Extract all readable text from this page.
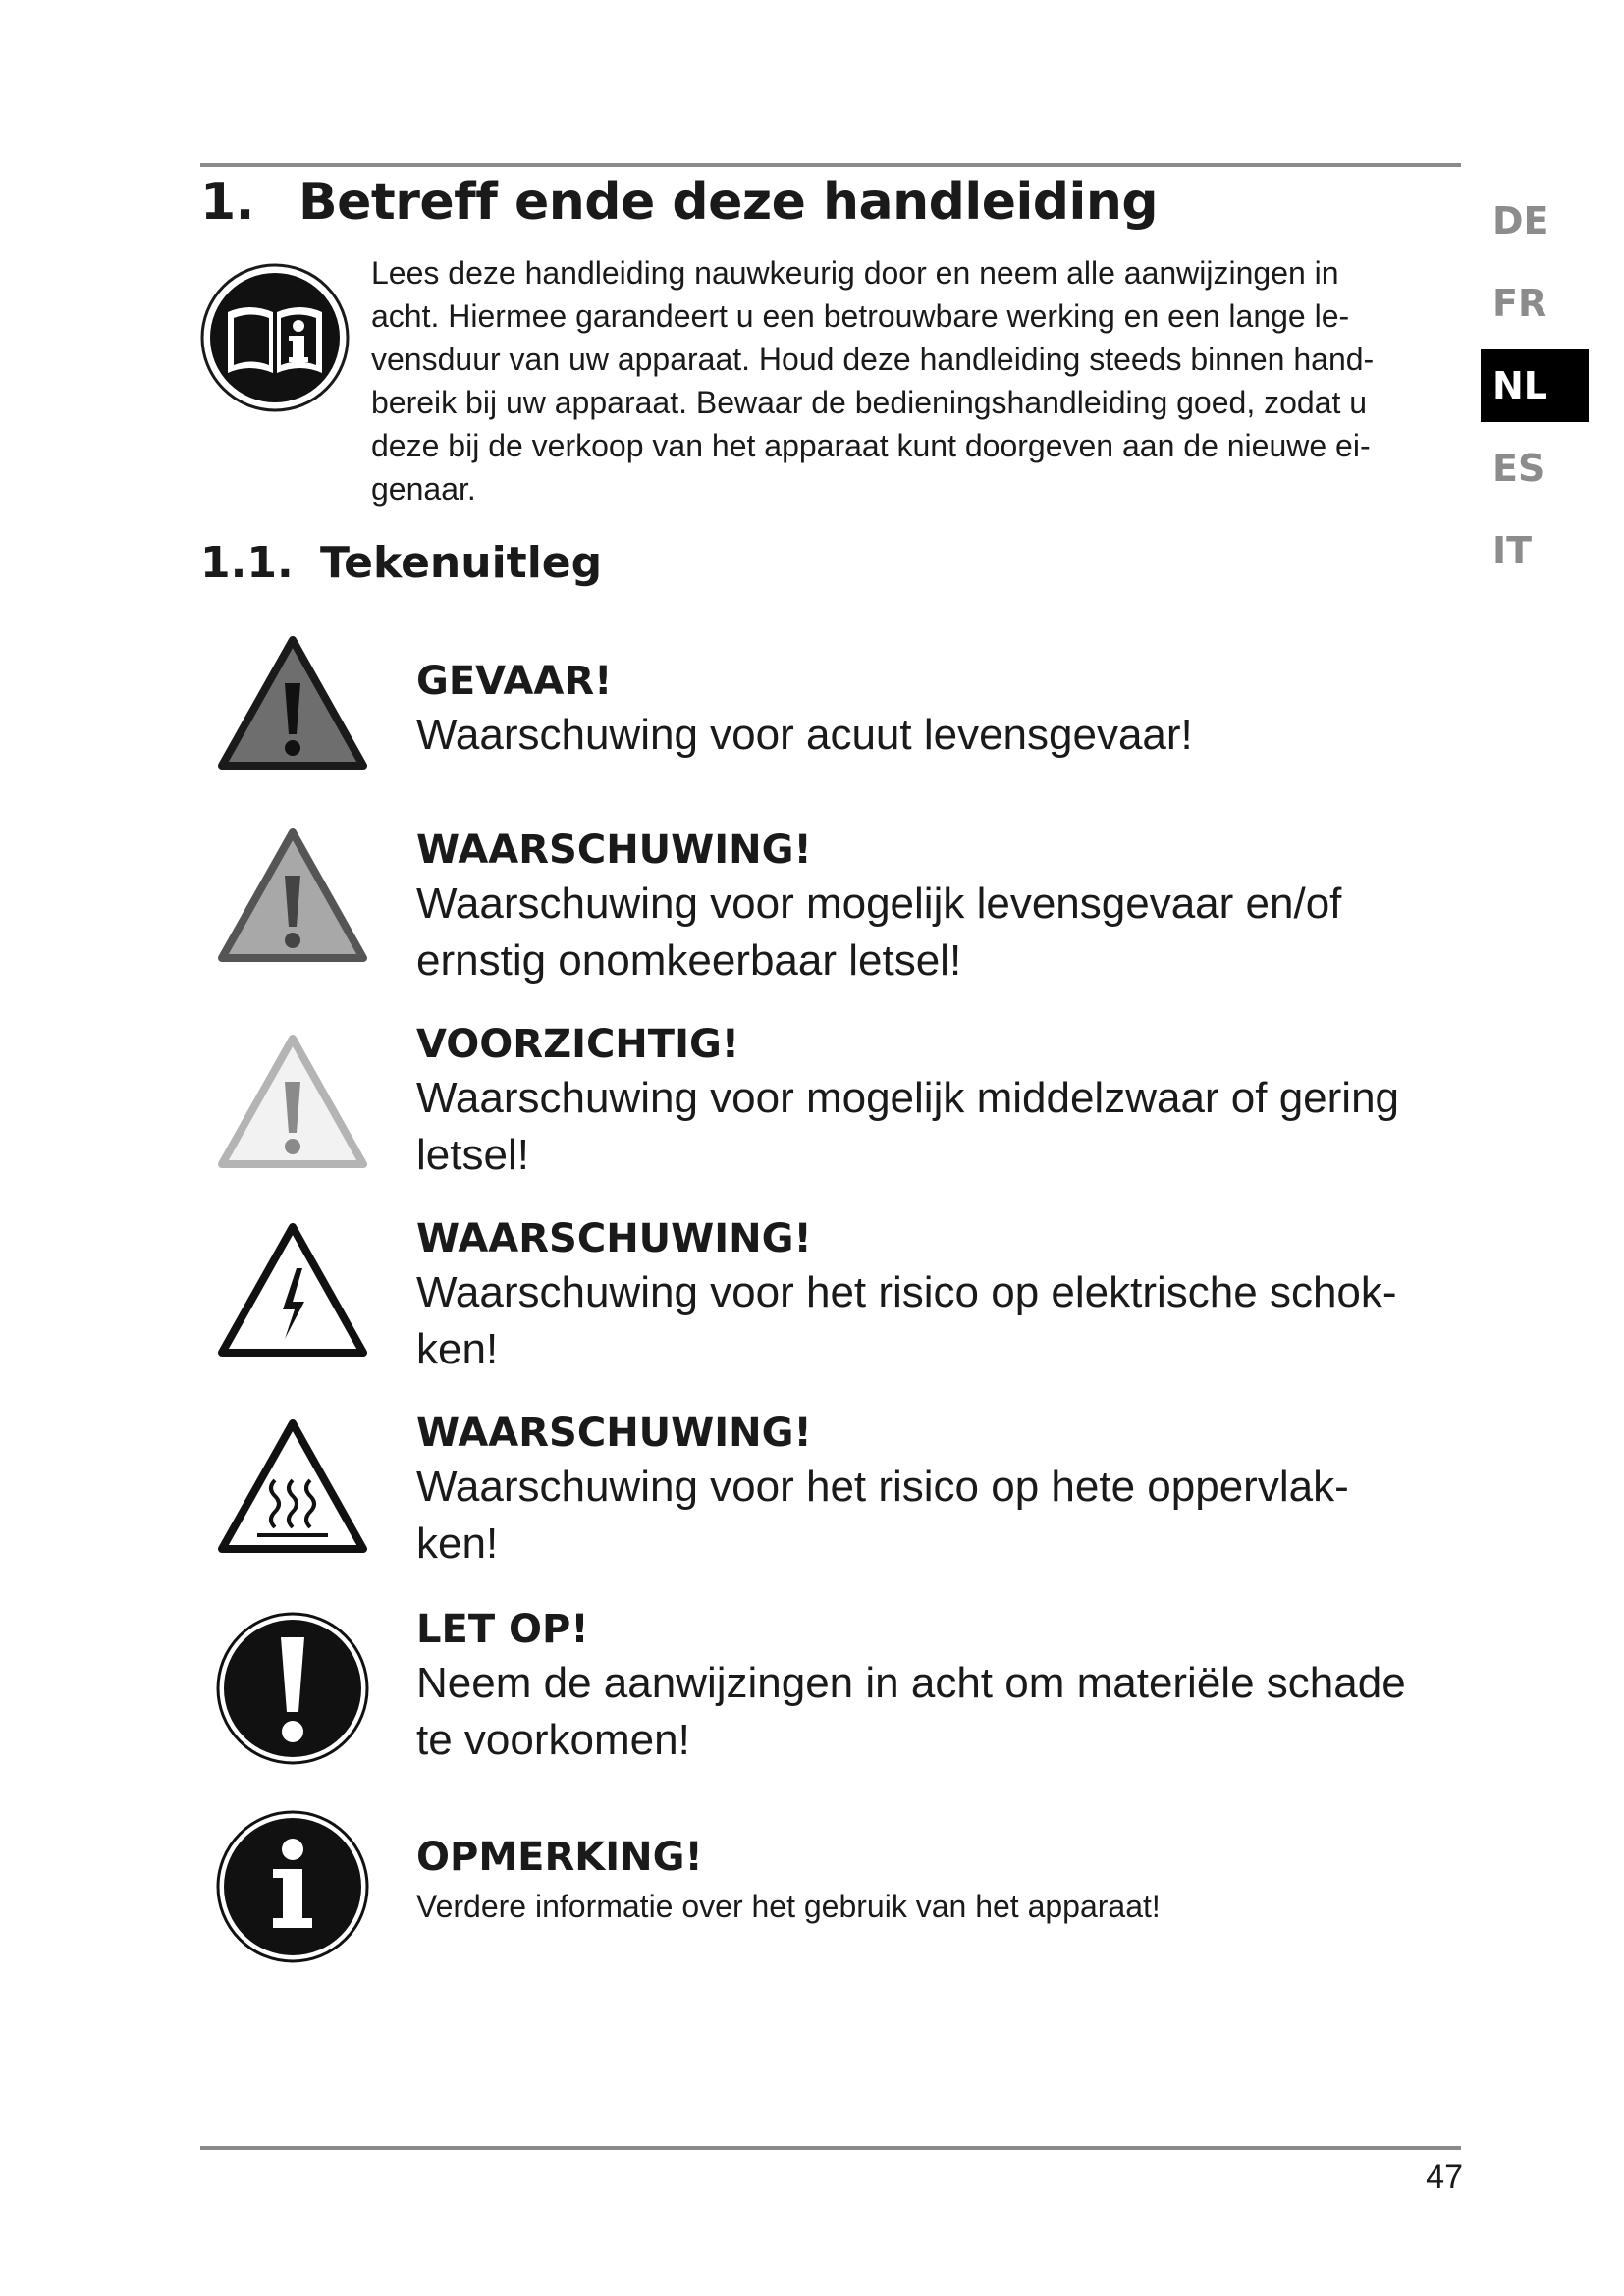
1. Betreff ende deze handleiding
Lees deze handleiding nauwkeurig door en neem alle aanwijzingen in
acht. Hiermee garandeert u een betrouwbare werking en een lange le-
vensduur van uw apparaat. Houd deze handleiding steeds binnen hand-
bereik bij uw apparaat. Bewaar de bedieningshandleiding goed, zodat u
deze bij de verkoop van het apparaat kunt doorgeven aan de nieuwe ei-
genaar.
1.1. Tekenuitleg
DE
FR
NL
ES
IT
GEVAAR!
Waarschuwing voor acuut levensgevaar!
WAARSCHUWING!
Waarschuwing voor mogelijk levensgevaar en/of
ernstig onomkeerbaar letsel!
VOORZICHTIG!
Waarschuwing voor mogelijk middelzwaar of gering
letsel!
WAARSCHUWING!
Waarschuwing voor het risico op elektrische schok-
ken!
WAARSCHUWING!
Waarschuwing voor het risico op hete oppervlak-
ken!
LET OP!
Neem de aanwijzingen in acht om materiële schade
te voorkomen!
OPMERKING!
Verdere informatie over het gebruik van het apparaat!
47
